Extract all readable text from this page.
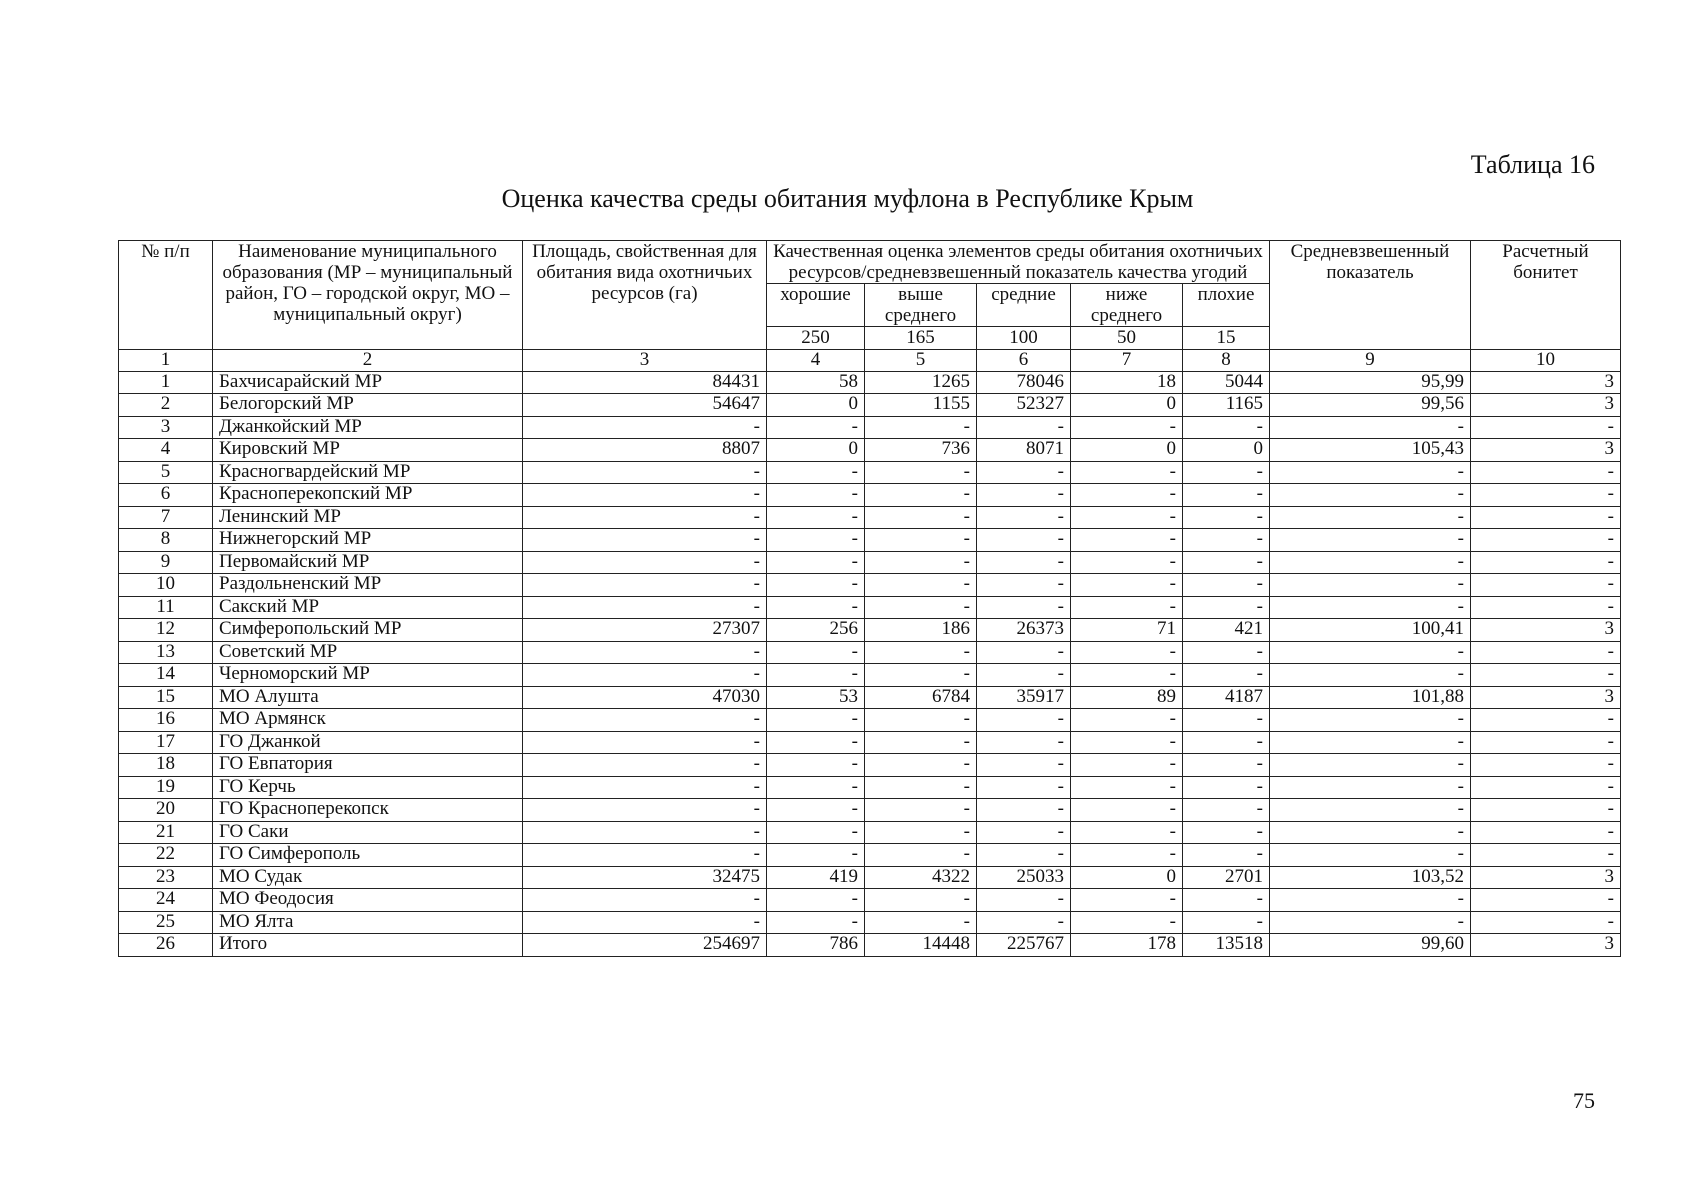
Таблица 16
Оценка качества среды обитания муфлона в Республике Крым
№ п/п	Наименование муниципального образования (МР – муниципальный район, ГО – городской округ, МО – муниципальный округ)	Площадь, свойственная для обитания вида охотничьих ресурсов (га)	Качественная оценка элементов среды обитания охотничьих ресурсов/средневзвешенный показатель качества угодий					Средневзвешенный показатель	Расчетный бонитет
			хорошие	выше среднего	средние	ниже среднего	плохие		
			250	165	100	50	15		
1	2	3	4	5	6	7	8	9	10
1	Бахчисарайский МР	84431	58	1265	78046	18	5044	95,99	3
2	Белогорский МР	54647	0	1155	52327	0	1165	99,56	3
3	Джанкойский МР	-	-	-	-	-	-	-	-
4	Кировский МР	8807	0	736	8071	0	0	105,43	3
5	Красногвардейский МР	-	-	-	-	-	-	-	-
6	Красноперекопский МР	-	-	-	-	-	-	-	-
7	Ленинский МР	-	-	-	-	-	-	-	-
8	Нижнегорский МР	-	-	-	-	-	-	-	-
9	Первомайский МР	-	-	-	-	-	-	-	-
10	Раздольненский МР	-	-	-	-	-	-	-	-
11	Сакский МР	-	-	-	-	-	-	-	-
12	Симферопольский МР	27307	256	186	26373	71	421	100,41	3
13	Советский МР	-	-	-	-	-	-	-	-
14	Черноморский МР	-	-	-	-	-	-	-	-
15	МО Алушта	47030	53	6784	35917	89	4187	101,88	3
16	МО Армянск	-	-	-	-	-	-	-	-
17	ГО Джанкой	-	-	-	-	-	-	-	-
18	ГО Евпатория	-	-	-	-	-	-	-	-
19	ГО Керчь	-	-	-	-	-	-	-	-
20	ГО Красноперекопск	-	-	-	-	-	-	-	-
21	ГО Саки	-	-	-	-	-	-	-	-
22	ГО Симферополь	-	-	-	-	-	-	-	-
23	МО Судак	32475	419	4322	25033	0	2701	103,52	3
24	МО Феодосия	-	-	-	-	-	-	-	-
25	МО Ялта	-	-	-	-	-	-	-	-
26	Итого	254697	786	14448	225767	178	13518	99,60	3
75
